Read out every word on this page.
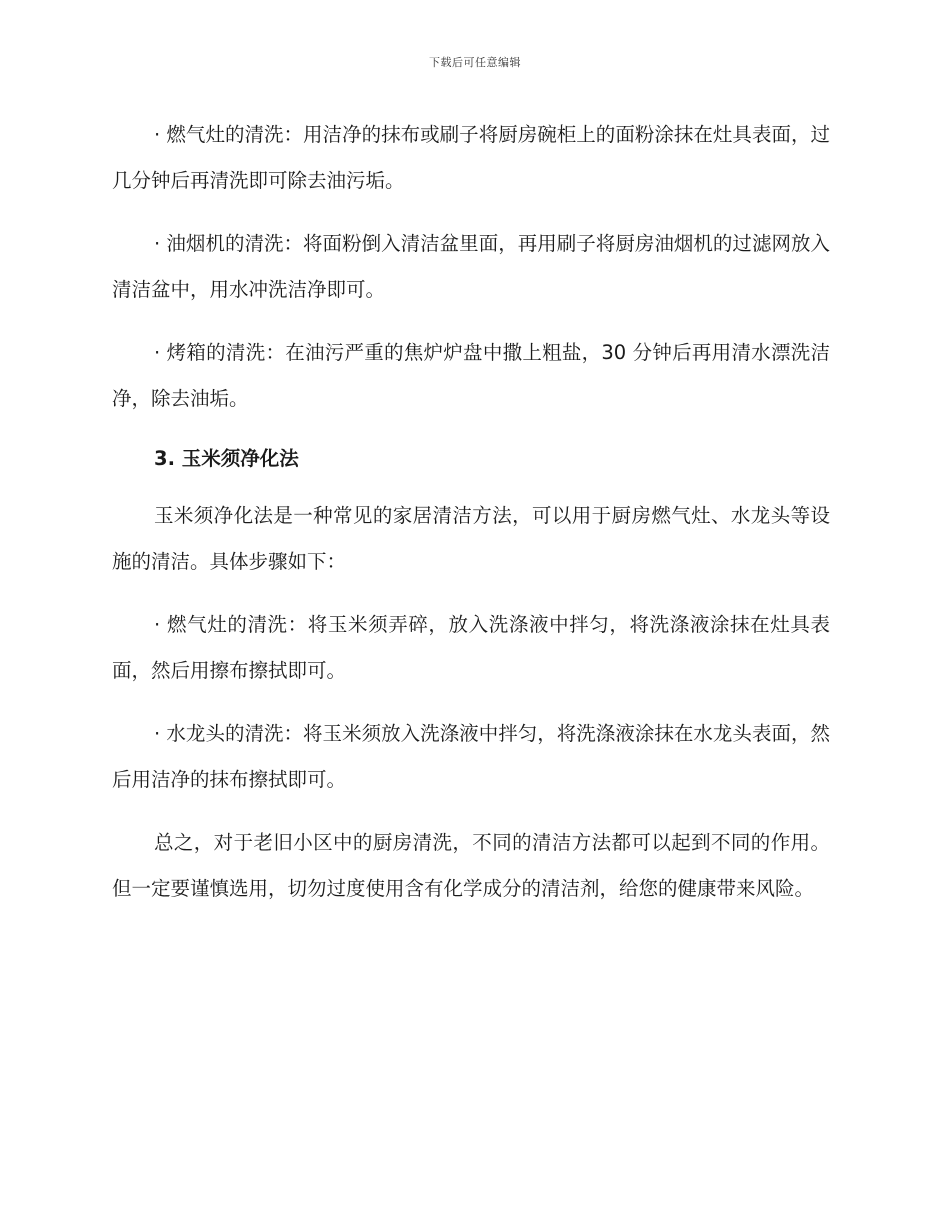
下载后可任意编辑

· 燃气灶的清洗：用洁净的抹布或刷子将厨房碗柜上的面粉涂抹在灶具表面，过几分钟后再清洗即可除去油污垢。

· 油烟机的清洗：将面粉倒入清洁盆里面，再用刷子将厨房油烟机的过滤网放入清洁盆中，用水冲洗洁净即可。

· 烤箱的清洗：在油污严重的焦炉炉盘中撒上粗盐，30 分钟后再用清水漂洗洁净，除去油垢。

3. 玉米须净化法

玉米须净化法是一种常见的家居清洁方法，可以用于厨房燃气灶、水龙头等设施的清洁。具体步骤如下：

· 燃气灶的清洗：将玉米须弄碎，放入洗涤液中拌匀，将洗涤液涂抹在灶具表面，然后用擦布擦拭即可。

· 水龙头的清洗：将玉米须放入洗涤液中拌匀，将洗涤液涂抹在水龙头表面，然后用洁净的抹布擦拭即可。

总之，对于老旧小区中的厨房清洗，不同的清洁方法都可以起到不同的作用。但一定要谨慎选用，切勿过度使用含有化学成分的清洁剂，给您的健康带来风险。
